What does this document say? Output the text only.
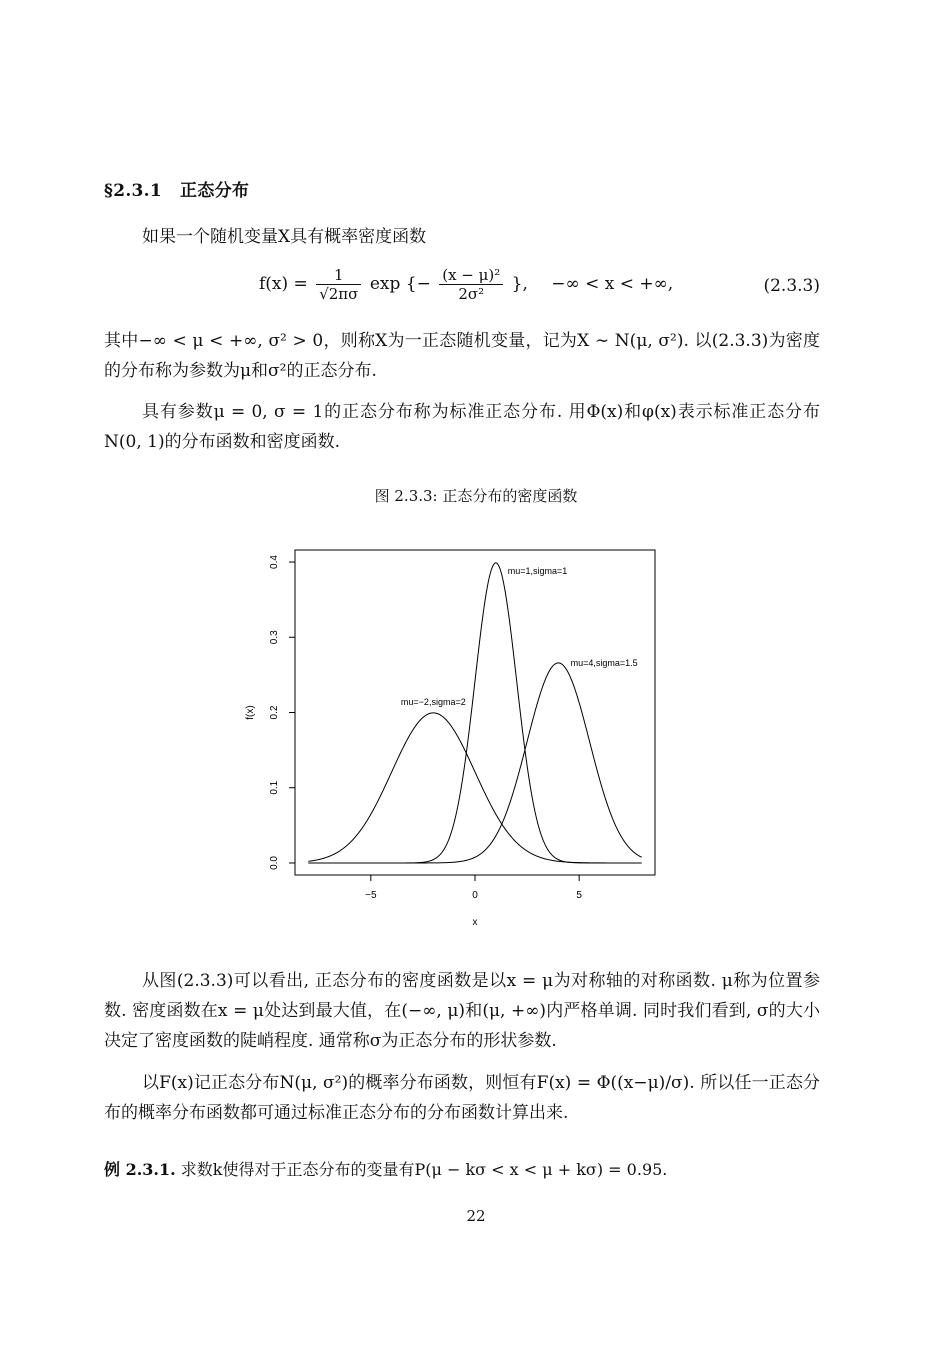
§2.3.1 正态分布
如果一个随机变量X具有概率密度函数
$f(x) = \frac{1}{√2\pi\sigma}$ exp {− $\frac{\text{(x − μ)²}}{\text{2σ²}}$ }, −∞ < x < +∞,	(2.3.3)
其中−∞ < μ < +∞, σ² > 0，则称X为一正态随机变量，记为X ∼ N(μ, σ²). 以(2.3.3)为密度的分布称为参数为μ和σ²的正态分布.
具有参数μ = 0, σ = 1的正态分布称为标准正态分布. 用Φ(x)和φ(x)表示标准正态分布N(0, 1)的分布函数和密度函数.
图 2.3.3: 正态分布的密度函数
−5	0	5
0.0
0.1
0.2
0.3
0.4
x
f(x)
mu=−2,sigma=2
mu=1,sigma=1
mu=4,sigma=1.5
从图(2.3.3)可以看出, 正态分布的密度函数是以x = μ为对称轴的对称函数. μ称为位置参数. 密度函数在x = μ处达到最大值，在(−∞, μ)和(μ, +∞)内严格单调. 同时我们看到, σ的大小决定了密度函数的陡峭程度. 通常称σ为正态分布的形状参数.
以F(x)记正态分布N(μ, σ²)的概率分布函数，则恒有F(x) = Φ((x−μ)/σ). 所以任一正态分布的概率分布函数都可通过标准正态分布的分布函数计算出来.
例 2.3.1. 求数k使得对于正态分布的变量有P(μ − kσ < x < μ + kσ) = 0.95.
22
